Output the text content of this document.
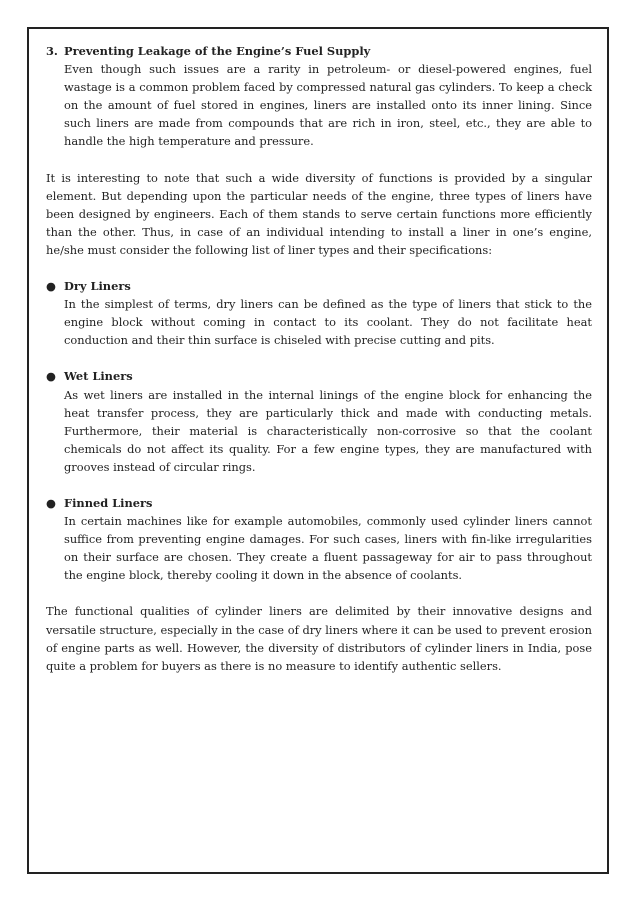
3. Preventing Leakage of the Engine’s Fuel Supply

Even though such issues are a rarity in petroleum- or diesel-powered engines, fuel wastage is a common problem faced by compressed natural gas cylinders. To keep a check on the amount of fuel stored in engines, liners are installed onto its inner lining. Since such liners are made from compounds that are rich in iron, steel, etc., they are able to handle the high temperature and pressure.

It is interesting to note that such a wide diversity of functions is provided by a singular element. But depending upon the particular needs of the engine, three types of liners have been designed by engineers. Each of them stands to serve certain functions more efficiently than the other. Thus, in case of an individual intending to install a liner in one’s engine, he/she must consider the following list of liner types and their specifications:

● Dry Liners

In the simplest of terms, dry liners can be defined as the type of liners that stick to the engine block without coming in contact to its coolant. They do not facilitate heat conduction and their thin surface is chiseled with precise cutting and pits.

● Wet Liners

As wet liners are installed in the internal linings of the engine block for enhancing the heat transfer process, they are particularly thick and made with conducting metals. Furthermore, their material is characteristically non-corrosive so that the coolant chemicals do not affect its quality. For a few engine types, they are manufactured with grooves instead of circular rings.

● Finned Liners

In certain machines like for example automobiles, commonly used cylinder liners cannot suffice from preventing engine damages. For such cases, liners with fin-like irregularities on their surface are chosen. They create a fluent passageway for air to pass throughout the engine block, thereby cooling it down in the absence of coolants.

The functional qualities of cylinder liners are delimited by their innovative designs and versatile structure, especially in the case of dry liners where it can be used to prevent erosion of engine parts as well. However, the diversity of distributors of cylinder liners in India, pose quite a problem for buyers as there is no measure to identify authentic sellers.
